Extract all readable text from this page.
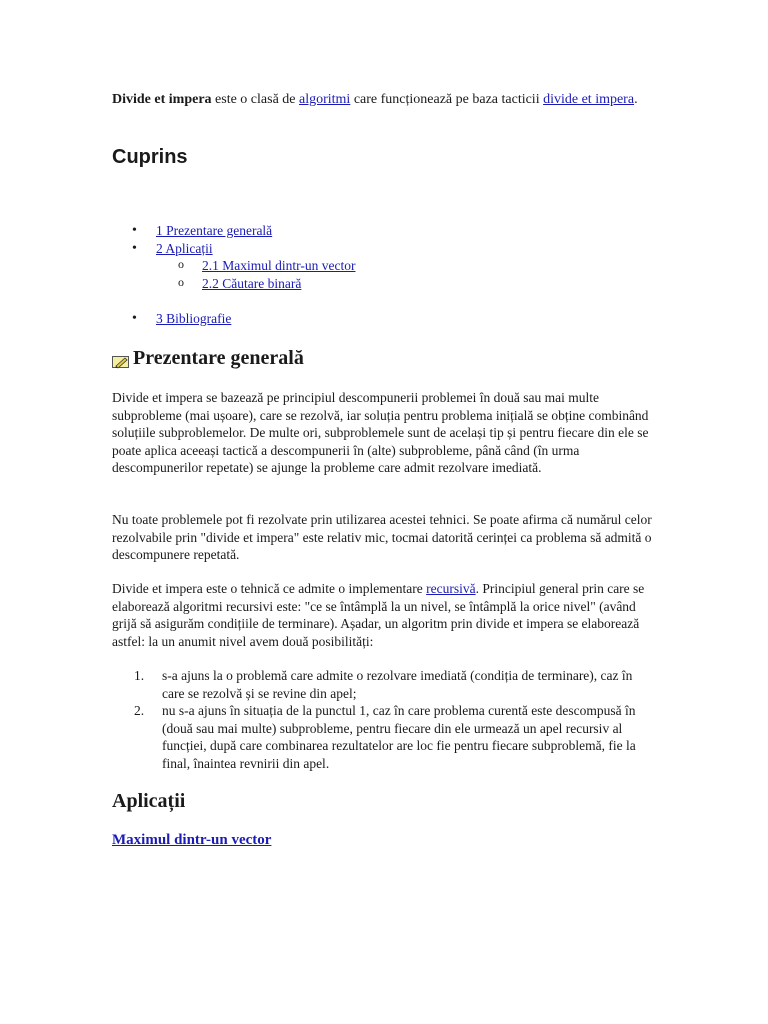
Divide et impera este o clasă de algoritmi care funcționează pe baza tacticii divide et impera.
Cuprins
• 1 Prezentare generală
• 2 Aplicații
o 2.1 Maximul dintr-un vector
o 2.2 Căutare binară
• 3 Bibliografie
Prezentare generală

Divide et impera se bazează pe principiul descompunerii problemei în două sau mai multe subprobleme (mai ușoare), care se rezolvă, iar soluția pentru problema inițială se obține combinând soluțiile subproblemelor. De multe ori, subproblemele sunt de același tip și pentru fiecare din ele se poate aplica aceeași tactică a descompunerii în (alte) subprobleme, până când (în urma descompunerilor repetate) se ajunge la probleme care admit rezolvare imediată.

Nu toate problemele pot fi rezolvate prin utilizarea acestei tehnici. Se poate afirma că numărul celor rezolvabile prin "divide et impera" este relativ mic, tocmai datorită cerinței ca problema să admită o descompunere repetată.

Divide et impera este o tehnică ce admite o implementare recursivă. Principiul general prin care se elaborează algoritmi recursivi este: "ce se întâmplă la un nivel, se întâmplă la orice nivel" (având grijă să asigurăm condițiile de terminare). Așadar, un algoritm prin divide et impera se elaborează astfel: la un anumit nivel avem două posibilități:

1. s-a ajuns la o problemă care admite o rezolvare imediată (condiția de terminare), caz în care se rezolvă și se revine din apel;
2. nu s-a ajuns în situația de la punctul 1, caz în care problema curentă este descompusă în (două sau mai multe) subprobleme, pentru fiecare din ele urmează un apel recursiv al funcției, după care combinarea rezultatelor are loc fie pentru fiecare subproblemă, fie la final, înaintea revnirii din apel.
Aplicații
Maximul dintr-un vector
